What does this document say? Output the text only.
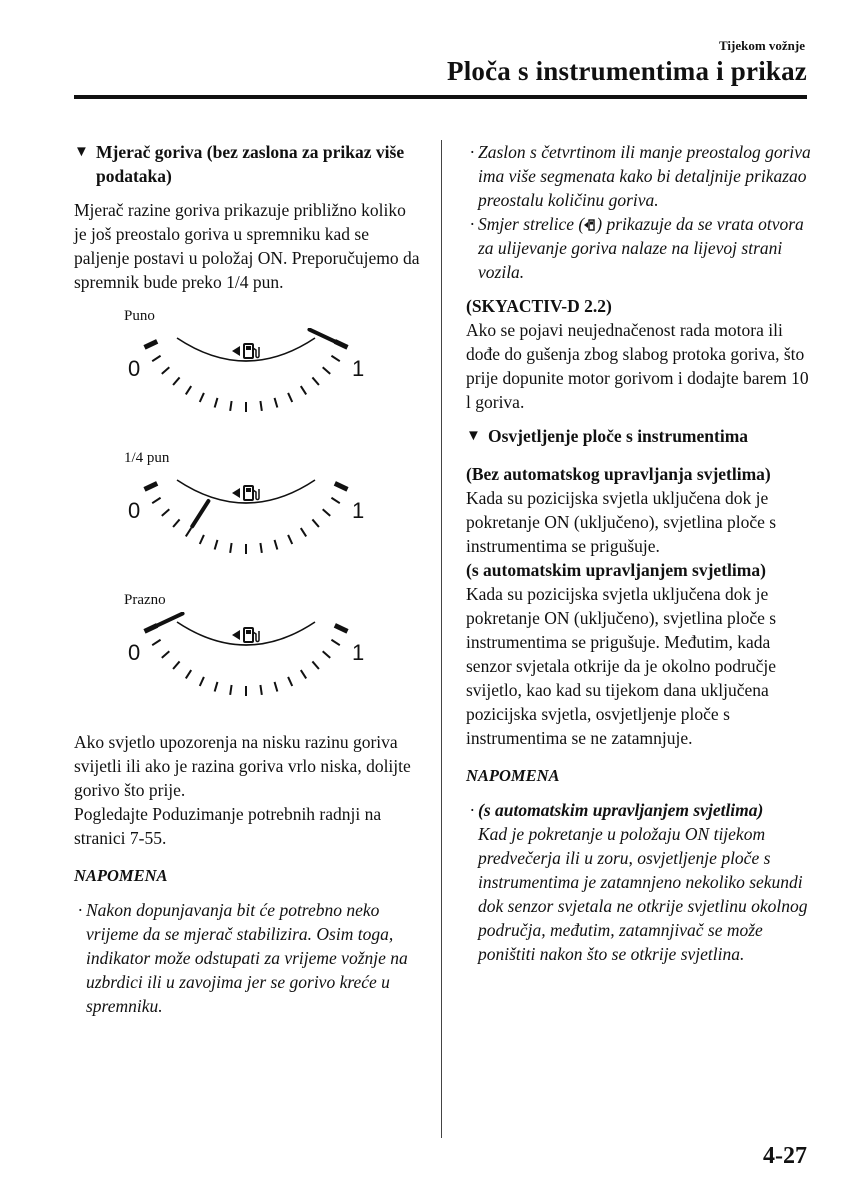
Tijekom vožnje
Ploča s instrumentima i prikaz
▼ Mjerač goriva (bez zaslona za prikaz više podataka)

Mjerač razine goriva prikazuje približno koliko je još preostalo goriva u spremniku kad se paljenje postavi u položaj ON. Preporučujemo da spremnik bude preko 1/4 pun.

Puno
0	1
1/4 pun
0	1
Prazno
0	1

Ako svjetlo upozorenja na nisku razinu goriva svijetli ili ako je razina goriva vrlo niska, dolijte gorivo što prije.

Pogledajte Poduzimanje potrebnih radnji na stranici 7-55.

NAPOMENA
· Nakon dopunjavanja bit će potrebno neko vrijeme da se mjerač stabilizira. Osim toga, indikator može odstupati za vrijeme vožnje na uzbrdici ili u zavojima jer se gorivo kreće u spremniku.
· Zaslon s četvrtinom ili manje preostalog goriva ima više segmenata kako bi detaljnije prikazao preostalu količinu goriva.
· Smjer strelice ( ) prikazuje da se vrata otvora za ulijevanje goriva nalaze na lijevoj strani vozila.
(SKYACTIV-D 2.2)

Ako se pojavi neujednačenost rada motora ili dođe do gušenja zbog slabog protoka goriva, što prije dopunite motor gorivom i dodajte barem 10 l goriva.

▼ Osvjetljenje ploče s instrumentima
(Bez automatskog upravljanja svjetlima)

Kada su pozicijska svjetla uključena dok je pokretanje ON (uključeno), svjetlina ploče s instrumentima se prigušuje.

(s automatskim upravljanjem svjetlima)

Kada su pozicijska svjetla uključena dok je pokretanje ON (uključeno), svjetlina ploče s instrumentima se prigušuje. Međutim, kada senzor svjetala otkrije da je okolno područje svijetlo, kao kad su tijekom dana uključena pozicijska svjetla, osvjetljenje ploče s instrumentima se ne zatamnjuje.

NAPOMENA
· (s automatskim upravljanjem svjetlima)
Kad je pokretanje u položaju ON tijekom predvečerja ili u zoru, osvjetljenje ploče s instrumentima je zatamnjeno nekoliko sekundi dok senzor svjetala ne otkrije svjetlinu okolnog područja, međutim, zatamnjivač se može poništiti nakon što se otkrije svjetlina.
4-27
